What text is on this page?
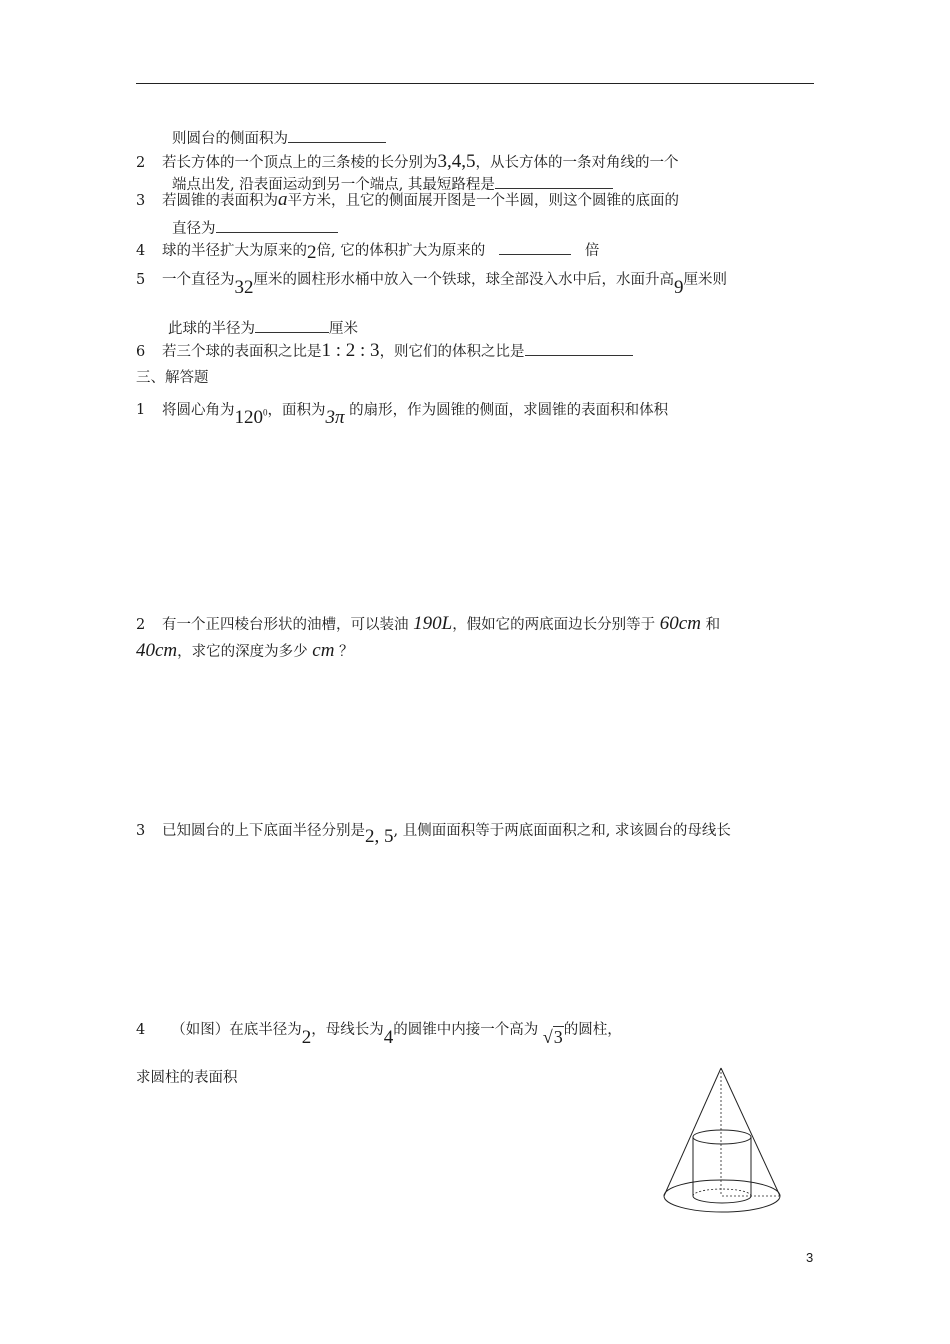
则圆台的侧面积为
2 若长方体的一个顶点上的三条棱的长分别为3,4,5，从长方体的一条对角线的一个
端点出发, 沿表面运动到另一个端点, 其最短路程是
3 若圆锥的表面积为a平方米，且它的侧面展开图是一个半圆，则这个圆锥的底面的
直径为
4 球的半径扩大为原来的2倍, 它的体积扩大为原来的	倍
5 一个直径为32厘米的圆柱形水桶中放入一个铁球，球全部没入水中后，水面升高9厘米则
此球的半径为	厘米
6 若三个球的表面积之比是1 : 2 : 3，则它们的体积之比是
三、解答题
1 将圆心角为$120^0$，面积为3π 的扇形，作为圆锥的侧面，求圆锥的表面积和体积
2 有一个正四棱台形状的油槽，可以装油 190L，假如它的两底面边长分别等于 60cm 和
40cm，求它的深度为多少 cm ？
3 已知圆台的上下底面半径分别是2, 5, 且侧面面积等于两底面面积之和, 求该圆台的母线长
4 （如图）在底半径为2，母线长为4的圆锥中内接一个高为 √3的圆柱，
求圆柱的表面积
3
